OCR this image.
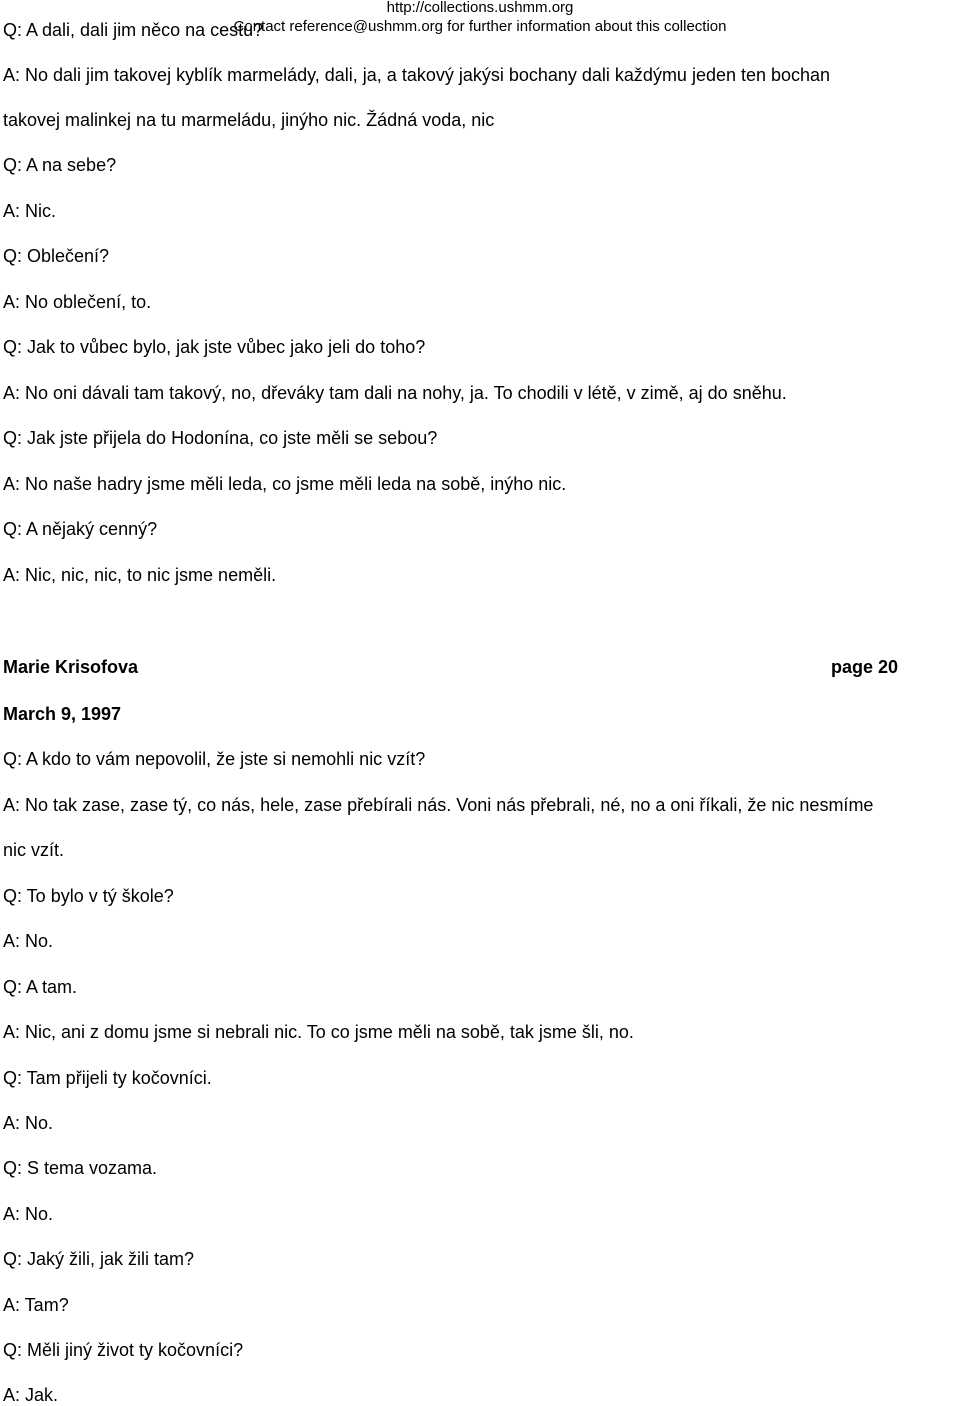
http://collections.ushmm.org
Contact reference@ushmm.org for further information about this collection
Q: A dali, dali jim něco na cestu?
A: No dali jim takovej kyblík marmelády, dali, ja, a takový jakýsi bochany dali každýmu jeden ten bochan
takovej malinkej na tu marmeládu, jinýho nic. Žádná voda, nic
Q: A na sebe?
A: Nic.
Q: Oblečení?
A: No oblečení, to.
Q: Jak to vůbec bylo, jak jste vůbec jako jeli do toho?
A: No oni dávali tam takový, no, dřeváky tam dali na nohy, ja. To chodili v létě, v zimě, aj do sněhu.
Q: Jak jste přijela do Hodonína, co jste měli se sebou?
A: No naše hadry jsme měli leda, co jsme měli leda na sobě, inýho nic.
Q: A nějaký cenný?
A: Nic, nic, nic, to nic jsme neměli.
Marie Krisofova	page 20
March 9, 1997
Q: A kdo to vám nepovolil, že jste si nemohli nic vzít?
A: No tak zase, zase tý, co nás, hele, zase přebírali nás. Voni nás přebrali, né, no a oni říkali, že nic nesmíme
nic vzít.
Q: To bylo v tý škole?
A: No.
Q: A tam.
A: Nic, ani z domu jsme si nebrali nic. To co jsme měli na sobě, tak jsme šli, no.
Q: Tam přijeli ty kočovníci.
A: No.
Q: S tema vozama.
A: No.
Q: Jaký žili, jak žili tam?
A: Tam?
Q: Měli jiný život ty kočovníci?
A: Jak.
